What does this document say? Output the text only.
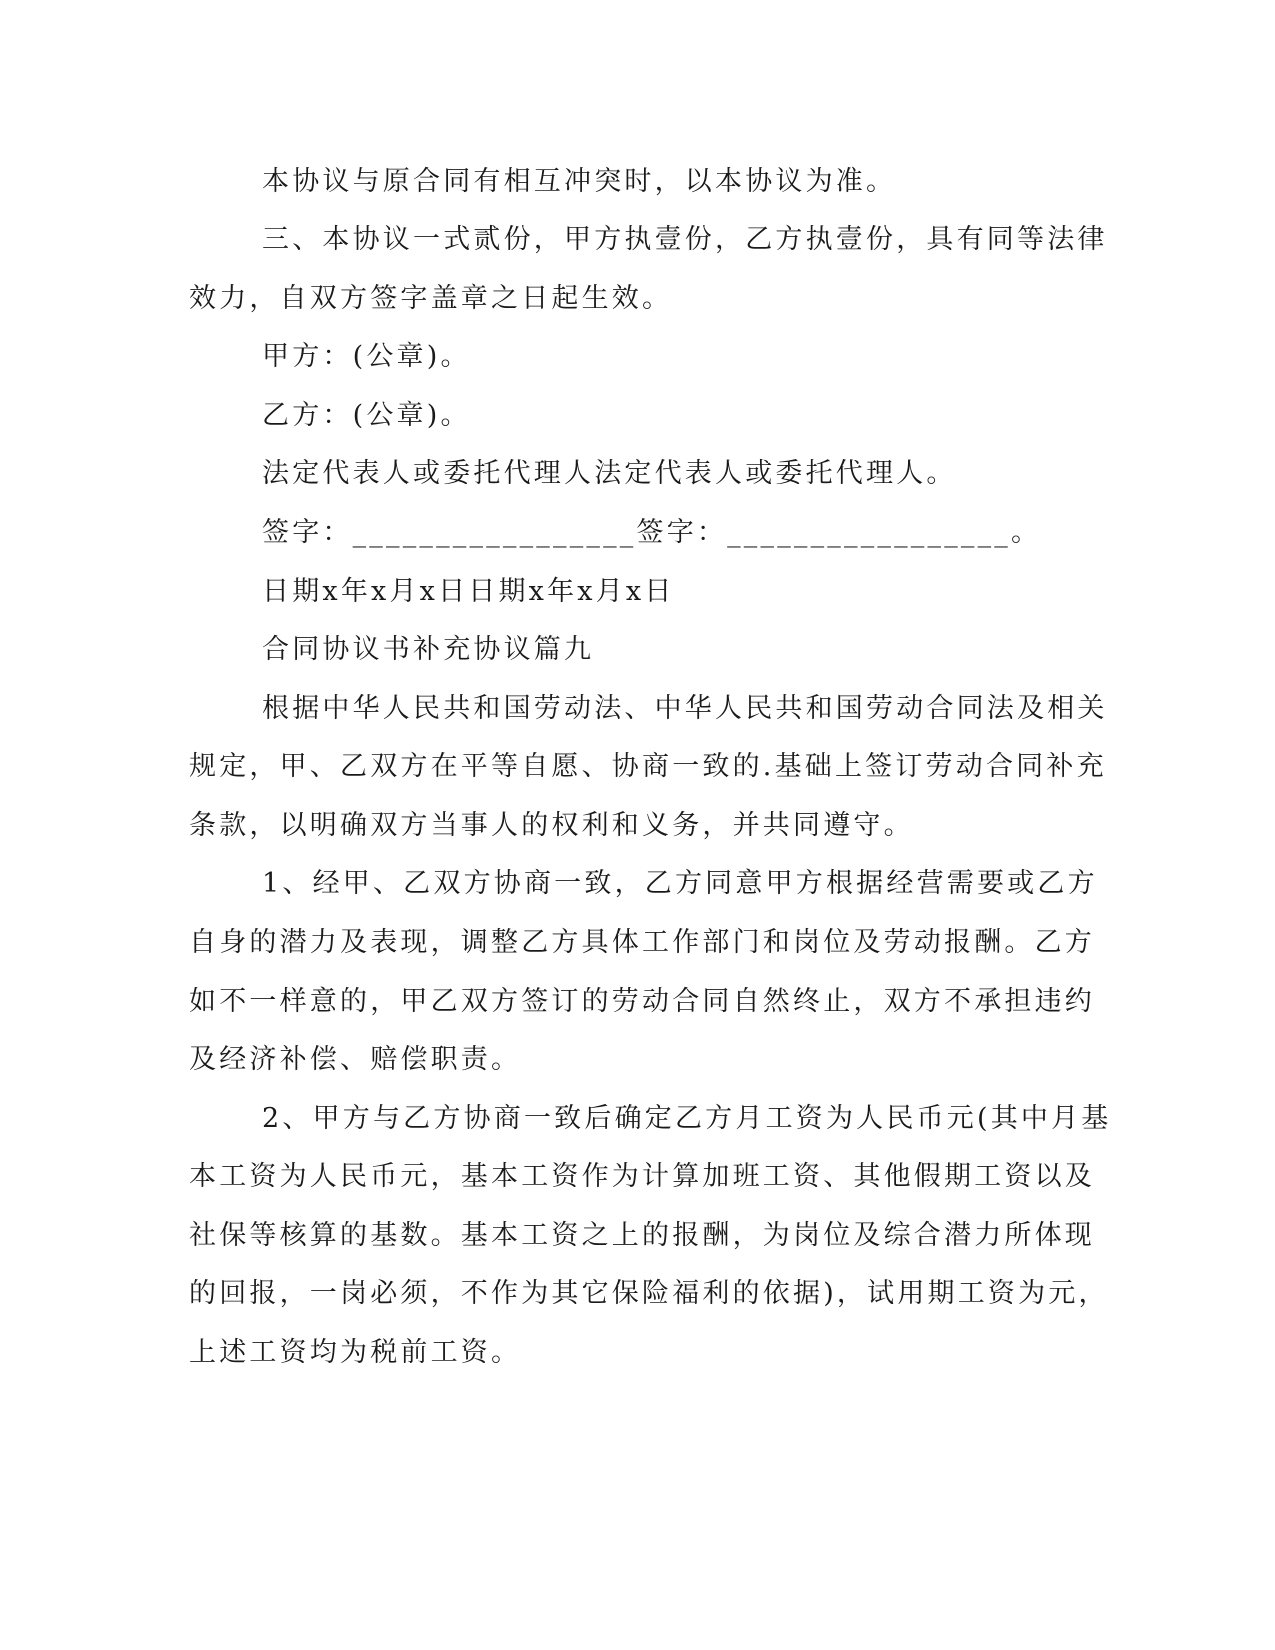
本协议与原合同有相互冲突时，以本协议为准。
三、本协议一式贰份，甲方执壹份，乙方执壹份，具有同等法律
效力，自双方签字盖章之日起生效。
甲方：(公章)。
乙方：(公章)。
法定代表人或委托代理人法定代表人或委托代理人。
签字：_________________签字：_________________。
日期x年x月x日日期x年x月x日
合同协议书补充协议篇九
根据中华人民共和国劳动法、中华人民共和国劳动合同法及相关
规定，甲、乙双方在平等自愿、协商一致的.基础上签订劳动合同补充
条款，以明确双方当事人的权利和义务，并共同遵守。
1、经甲、乙双方协商一致，乙方同意甲方根据经营需要或乙方
自身的潜力及表现，调整乙方具体工作部门和岗位及劳动报酬。乙方
如不一样意的，甲乙双方签订的劳动合同自然终止，双方不承担违约
及经济补偿、赔偿职责。
2、甲方与乙方协商一致后确定乙方月工资为人民币元(其中月基
本工资为人民币元，基本工资作为计算加班工资、其他假期工资以及
社保等核算的基数。基本工资之上的报酬，为岗位及综合潜力所体现
的回报，一岗必须，不作为其它保险福利的依据)，试用期工资为元，
上述工资均为税前工资。
